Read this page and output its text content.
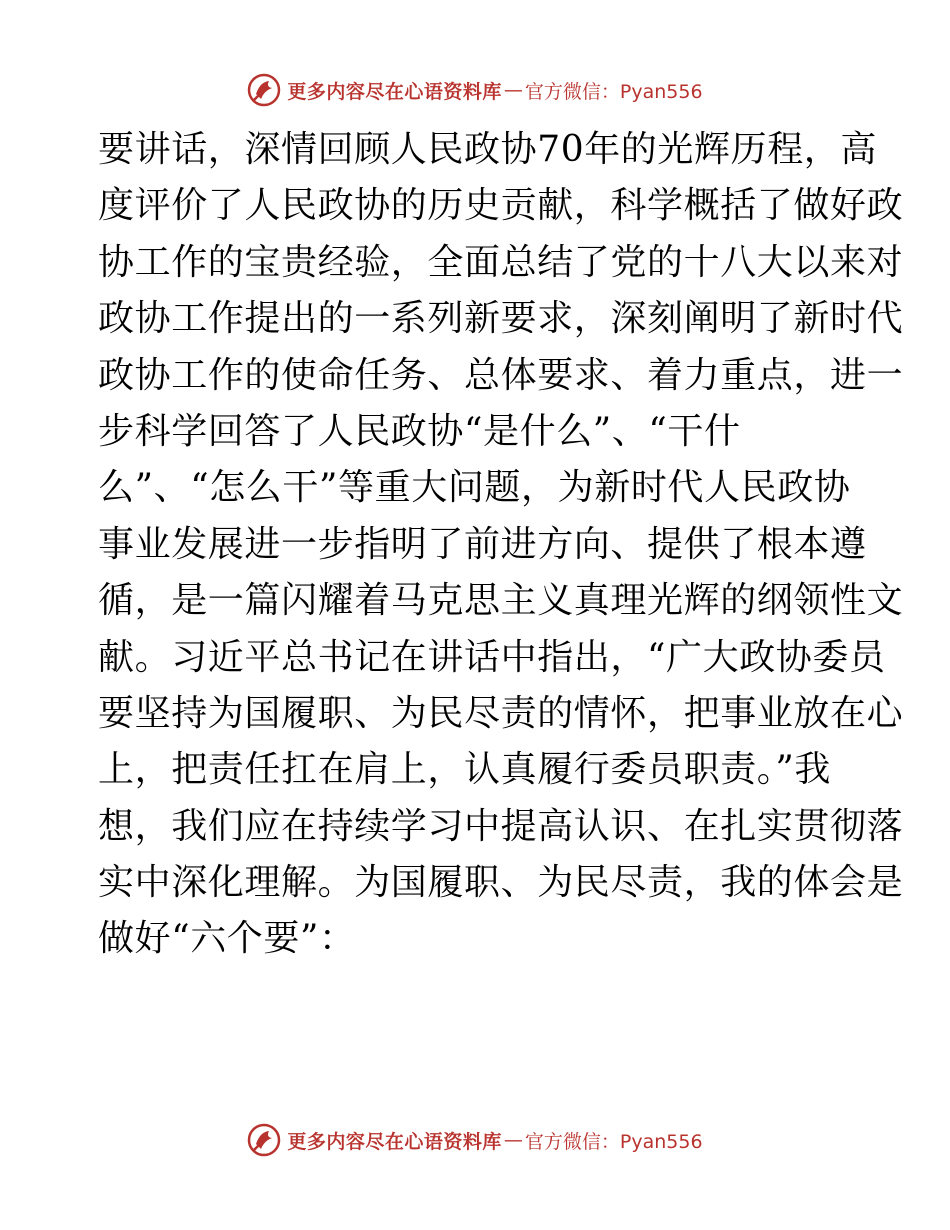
更多内容尽在心语资料库 — 官方微信：Pyan556
要讲话，深情回顾人民政协70年的光辉历程，高
度评价了人民政协的历史贡献，科学概括了做好政
协工作的宝贵经验，全面总结了党的十八大以来对
政协工作提出的一系列新要求，深刻阐明了新时代
政协工作的使命任务、总体要求、着力重点，进一
步科学回答了人民政协“是什么”、“干什
么”、“怎么干”等重大问题，为新时代人民政协
事业发展进一步指明了前进方向、提供了根本遵
循，是一篇闪耀着马克思主义真理光辉的纲领性文
献。习近平总书记在讲话中指出，“广大政协委员
要坚持为国履职、为民尽责的情怀，把事业放在心
上，把责任扛在肩上，认真履行委员职责。”我
想，我们应在持续学习中提高认识、在扎实贯彻落
实中深化理解。为国履职、为民尽责，我的体会是
做好“六个要”：
更多内容尽在心语资料库 — 官方微信：Pyan556
